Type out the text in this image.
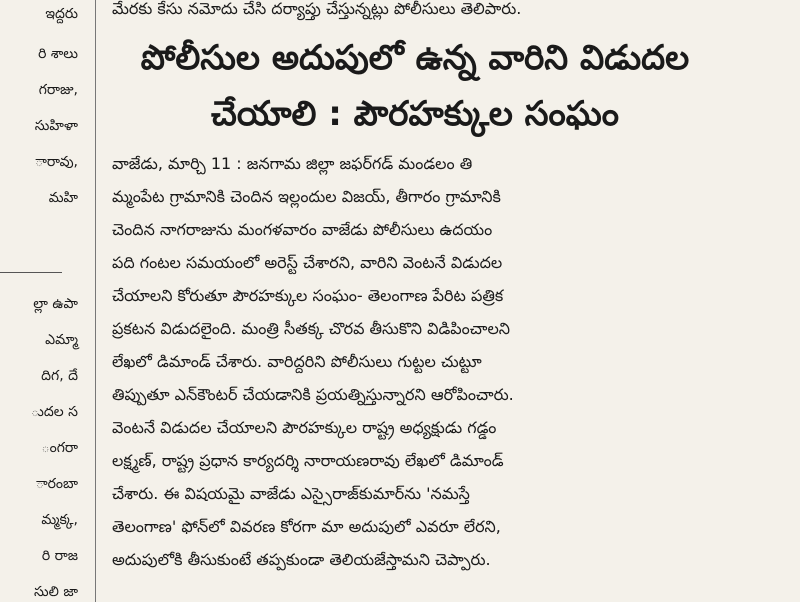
ఇద్దరు
రి శాలు
గరాజు,
సుహిళా
ారావు,
మహి
ల్లా ఉపా
ఎమ్మా
దిగ, దే
ుదల స
ంగరా
ారంబా
మ్మక్క,
రి రాజ
సులి జా
మేరకు కేసు నమోదు చేసి దర్యాప్తు చేస్తున్నట్లు పోలీసులు తెలిపారు.
పోలీసుల అదుపులో ఉన్న వారిని విడుదల
చేయాలి : పౌరహక్కుల సంఘం
వాజేడు, మార్చి 11 : జనగామ జిల్లా జఫర్‌గడ్ మండలం తి
మ్మంపేట గ్రామానికి చెందిన ఇల్లందుల విజయ్, తీగారం గ్రామానికి
చెందిన నాగరాజును మంగళవారం వాజేడు పోలీసులు ఉదయం
పది గంటల సమయంలో అరెస్ట్ చేశారని, వారిని వెంటనే విడుదల
చేయాలని కోరుతూ పౌరహక్కుల సంఘం- తెలంగాణ పేరిట పత్రిక
ప్రకటన విడుదలైంది. మంత్రి సీతక్క చొరవ తీసుకొని విడిపించాలని
లేఖలో డిమాండ్ చేశారు. వారిద్దరిని పోలీసులు గుట్టల చుట్టూ
తిప్పుతూ ఎన్‌కౌంటర్ చేయడానికి ప్రయత్నిస్తున్నారని ఆరోపించారు.
వెంటనే విడుదల చేయాలని పౌరహక్కుల రాష్ట్ర అధ్యక్షుడు గడ్డం
లక్ష్మణ్, రాష్ట్ర ప్రధాన కార్యదర్శి నారాయణరావు లేఖలో డిమాండ్
చేశారు. ఈ విషయమై వాజేడు ఎస్సైరాజ్‌కుమార్‌ను 'నమస్తే
తెలంగాణ' ఫోన్‌లో వివరణ కోరగా మా అదుపులో ఎవరూ లేరని,
అదుపులోకి తీసుకుంటే తప్పకుండా తెలియజేస్తామని చెప్పారు.
